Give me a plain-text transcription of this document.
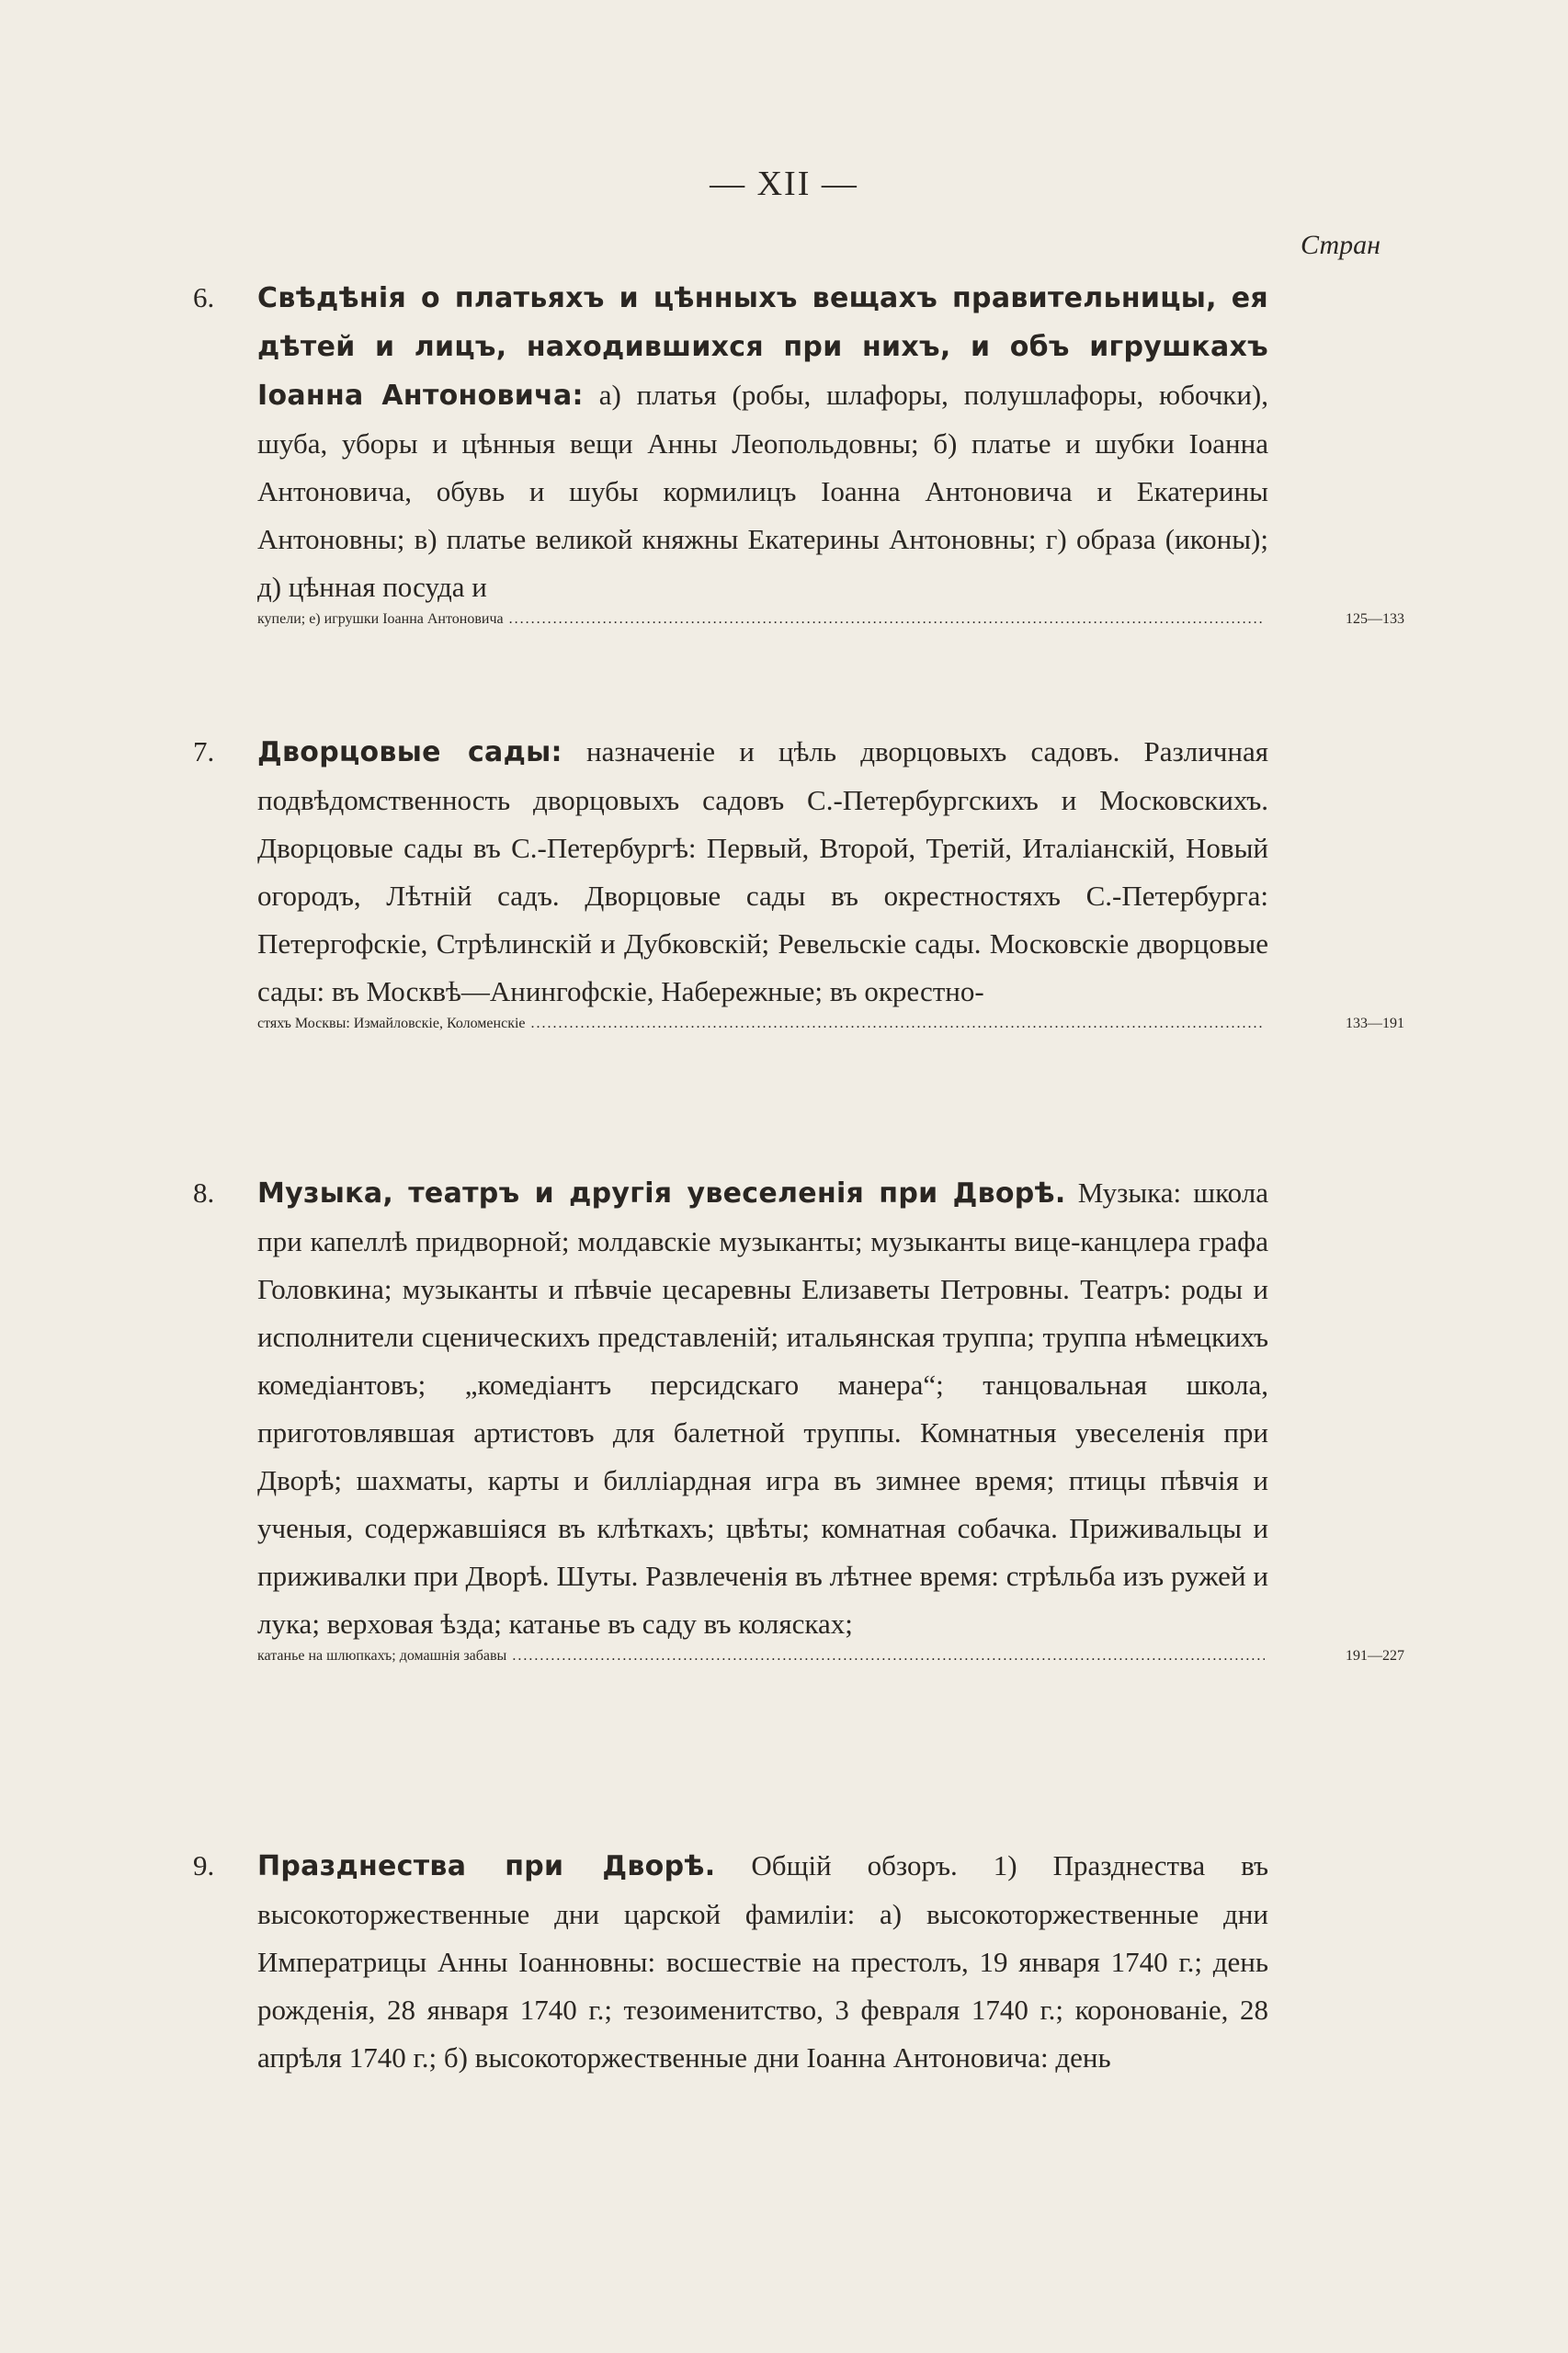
— XII —
Стран
6. Свѣдѣнія о платьяхъ и цѣнныхъ вещахъ правительницы, ея дѣтей и лицъ, находившихся при нихъ, и объ игрушкахъ Іоанна Антоновича: а) платья (робы, шлафоры, полушлафоры, юбочки), шуба, уборы и цѣнныя вещи Анны Леопольдовны; б) платье и шубки Іоанна Антоновича, обувь и шубы кормилицъ Іоанна Антоновича и Екатерины Антоновны; в) платье великой княжны Екатерины Антоновны; г) образа (иконы); д) цѣнная посуда и
купели; е) игрушки Іоанна Антоновича .....	125—133
7. Дворцовые сады: назначеніе и цѣль дворцовыхъ садовъ. Различная подвѣдомственность дворцовыхъ садовъ С.-Петербургскихъ и Московскихъ. Дворцовые сады въ С.-Петербургѣ: Первый, Второй, Третій, Италіанскій, Новый огородъ, Лѣтній садъ. Дворцовые сады въ окрестностяхъ С.-Петербурга: Петергофскіе, Стрѣлинскій и Дубковскій; Ревельскіе сады. Московскіе дворцовые сады: въ Москвѣ—Анингофскіе, Набережные; въ окрестно-
стяхъ Москвы: Измайловскіе, Коломенскіе .....	133—191
8. Музыка, театръ и другія увеселенія при Дворѣ. Музыка: школа при капеллѣ придворной; молдавскіе музыканты; музыканты вице-канцлера графа Головкина; музыканты и пѣвчіе цесаревны Елизаветы Петровны. Театръ: роды и исполнители сценическихъ представленій; итальянская труппа; труппа нѣмецкихъ комедіантовъ; „комедіантъ персидскаго манера“; танцовальная школа, приготовлявшая артистовъ для балетной труппы. Комнатныя увеселенія при Дворѣ; шахматы, карты и билліардная игра въ зимнее время; птицы пѣвчія и ученыя, содержавшіяся въ клѣткахъ; цвѣты; комнатная собачка. Приживальцы и приживалки при Дворѣ. Шуты. Развлеченія въ лѣтнее время: стрѣльба изъ ружей и лука; верховая ѣзда; катанье въ саду въ колясках;
катанье на шлюпкахъ; домашнія забавы .....	191—227
9. Празднества при Дворѣ. Общій обзоръ. 1) Празднества въ высокоторжественные дни царской фамиліи: а) высокоторжественные дни Императрицы Анны Іоанновны: восшествіе на престолъ, 19 января 1740 г.; день рожденія, 28 января 1740 г.; тезоименитство, 3 февраля 1740 г.; коронованіе, 28 апрѣля 1740 г.; б) высокоторжественные дни Іоанна Антоновича: день
